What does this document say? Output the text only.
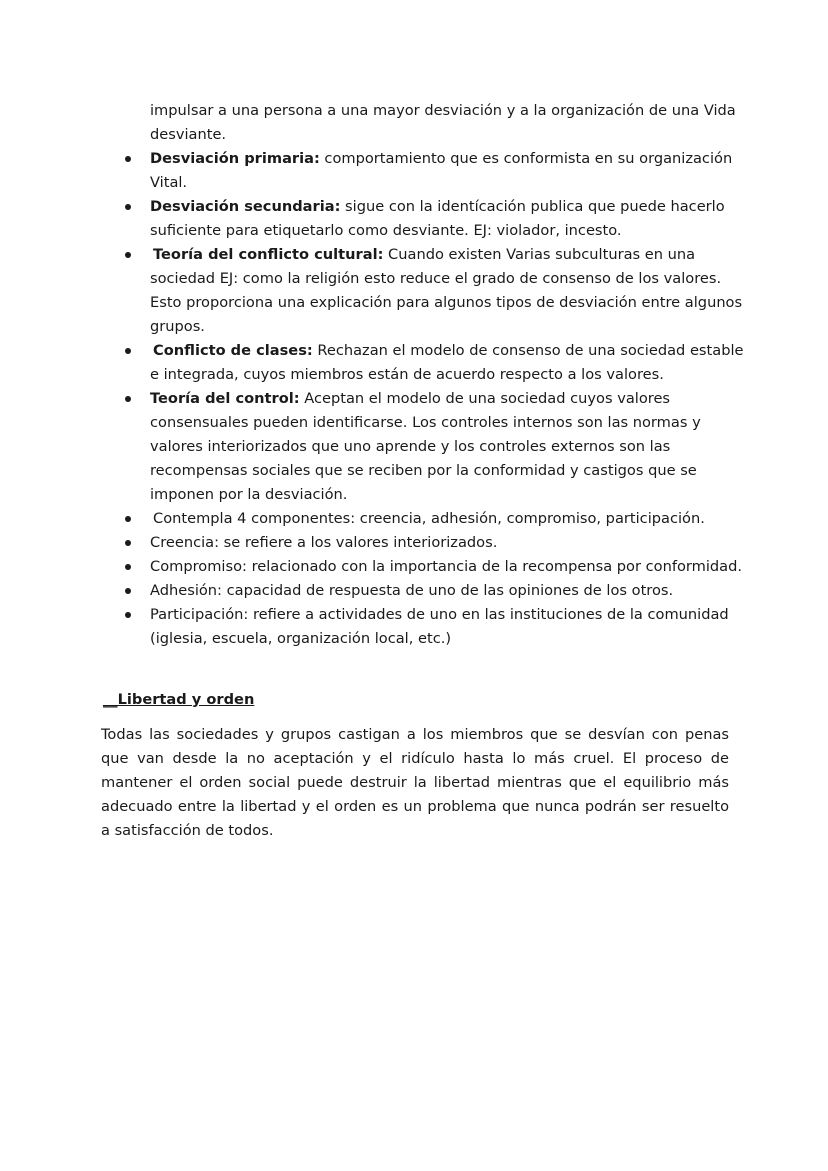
impulsar a una persona a una mayor desviación y a la organización de una Vida desviante.

Desviación primaria: comportamiento que es conformista en su organización Vital.
Desviación secundaria: sigue con la identícación publica que puede hacerlo suficiente para etiquetarlo como desviante. EJ: violador, incesto.
Teoría del conflicto cultural: Cuando existen Varias subculturas en una sociedad EJ: como la religión esto reduce el grado de consenso de los valores. Esto proporciona una explicación para algunos tipos de desviación entre algunos grupos.
Conflicto de clases: Rechazan el modelo de consenso de una sociedad estable e integrada, cuyos miembros están de acuerdo respecto a los valores.
Teoría del control: Aceptan el modelo de una sociedad cuyos valores consensuales pueden identificarse. Los controles internos son las normas y valores interiorizados que uno aprende y los controles externos son las recompensas sociales que se reciben por la conformidad y castigos que se imponen por la desviación.
Contempla 4 componentes: creencia, adhesión, compromiso, participación.
Creencia: se refiere a los valores interiorizados.
Compromiso: relacionado con la importancia de la recompensa por conformidad.
Adhesión: capacidad de respuesta de uno de las opiniones de los otros.
Participación: refiere a actividades de uno en las instituciones de la comunidad (iglesia, escuela, organización local, etc.)

__Libertad y orden

Todas las sociedades y grupos castigan a los miembros que se desvían con penas que van desde la no aceptación y el ridículo hasta lo más cruel. El proceso de mantener el orden social puede destruir la libertad mientras que el equilibrio más adecuado entre la libertad y el orden es un problema que nunca podrán ser resuelto a satisfacción de todos.
